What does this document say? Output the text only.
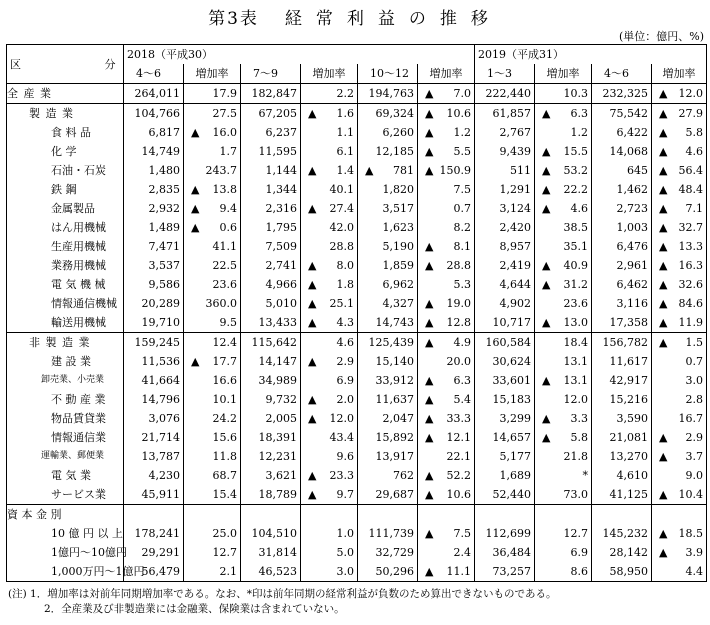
第3表 経常利益の推移
(単位：億円、%)
区 分	2018（平成30）						2019（平成31）			
	4～6	増加率	7～9	増加率	10～12	増加率	1～3	増加率	4～6	増加率
全 産 業	264,011	17.9	182,847	2.2	194,763	▲ 7.0	222,440	10.3	232,325	▲ 12.0
製 造 業	104,766	27.5	67,205	▲ 1.6	69,324	▲ 10.6	61,857	▲ 6.3	75,542	▲ 27.9
食 料 品	6,817	▲ 16.0	6,237	1.1	6,260	▲ 1.2	2,767	1.2	6,422	▲ 5.8
化 学	14,749	1.7	11,595	6.1	12,185	▲ 5.5	9,439	▲ 15.5	14,068	▲ 4.6
石油・石炭	1,480	243.7	1,144	▲ 1.4	▲ 781	▲ 150.9	511	▲ 53.2	645	▲ 56.4
鉄 鋼	2,835	▲ 13.8	1,344	40.1	1,820	7.5	1,291	▲ 22.2	1,462	▲ 48.4
金属製品	2,932	▲ 9.4	2,316	▲ 27.4	3,517	0.7	3,124	▲ 4.6	2,723	▲ 7.1
はん用機械	1,489	▲ 0.6	1,795	42.0	1,623	8.2	2,420	38.5	1,003	▲ 32.7
生産用機械	7,471	41.1	7,509	28.8	5,190	▲ 8.1	8,957	35.1	6,476	▲ 13.3
業務用機械	3,537	22.5	2,741	▲ 8.0	1,859	▲ 28.8	2,419	▲ 40.9	2,961	▲ 16.3
電 気 機 械	9,586	23.6	4,966	▲ 1.8	6,962	5.3	4,644	▲ 31.2	6,462	▲ 32.6
情報通信機械	20,289	360.0	5,010	▲ 25.1	4,327	▲ 19.0	4,902	23.6	3,116	▲ 84.6
輸送用機械	19,710	9.5	13,433	▲ 4.3	14,743	▲ 12.8	10,717	▲ 13.0	17,358	▲ 11.9
非 製 造 業	159,245	12.4	115,642	4.6	125,439	▲ 4.9	160,584	18.4	156,782	▲ 1.5
建 設 業	11,536	▲ 17.7	14,147	▲ 2.9	15,140	20.0	30,624	13.1	11,617	0.7
卸売業、小売業	41,664	16.6	34,989	6.9	33,912	▲ 6.3	33,601	▲ 13.1	42,917	3.0
不 動 産 業	14,796	10.1	9,732	▲ 2.0	11,637	▲ 5.4	15,183	12.0	15,216	2.8
物品賃貸業	3,076	24.2	2,005	▲ 12.0	2,047	▲ 33.3	3,299	▲ 3.3	3,590	16.7
情報通信業	21,714	15.6	18,391	43.4	15,892	▲ 12.1	14,657	▲ 5.8	21,081	▲ 2.9
運輸業、郵便業	13,787	11.8	12,231	9.6	13,917	22.1	5,177	21.8	13,270	▲ 3.7
電 気 業	4,230	68.7	3,621	▲ 23.3	762	▲ 52.2	1,689	*	4,610	9.0
サービス業	45,911	15.4	18,789	▲ 9.7	29,687	▲ 10.6	52,440	73.0	41,125	▲ 10.4
資 本 金 別	

10 億 円 以 上	178,241	25.0	104,510	1.0	111,739	▲ 7.5	112,699	12.7	145,232	▲ 18.5
1億円～10億円	29,291	12.7	31,814	5.0	32,729	2.4	36,484	6.9	28,142	▲ 3.9
1,000万円～1億円	56,479	2.1	46,523	3.0	50,296	▲ 11.1	73,257	8.6	58,950	4.4
(注) 1．増加率は対前年同期増加率である。なお、*印は前年同期の経常利益が負数のため算出できないものである。
2．全産業及び非製造業には金融業、保険業は含まれていない。
